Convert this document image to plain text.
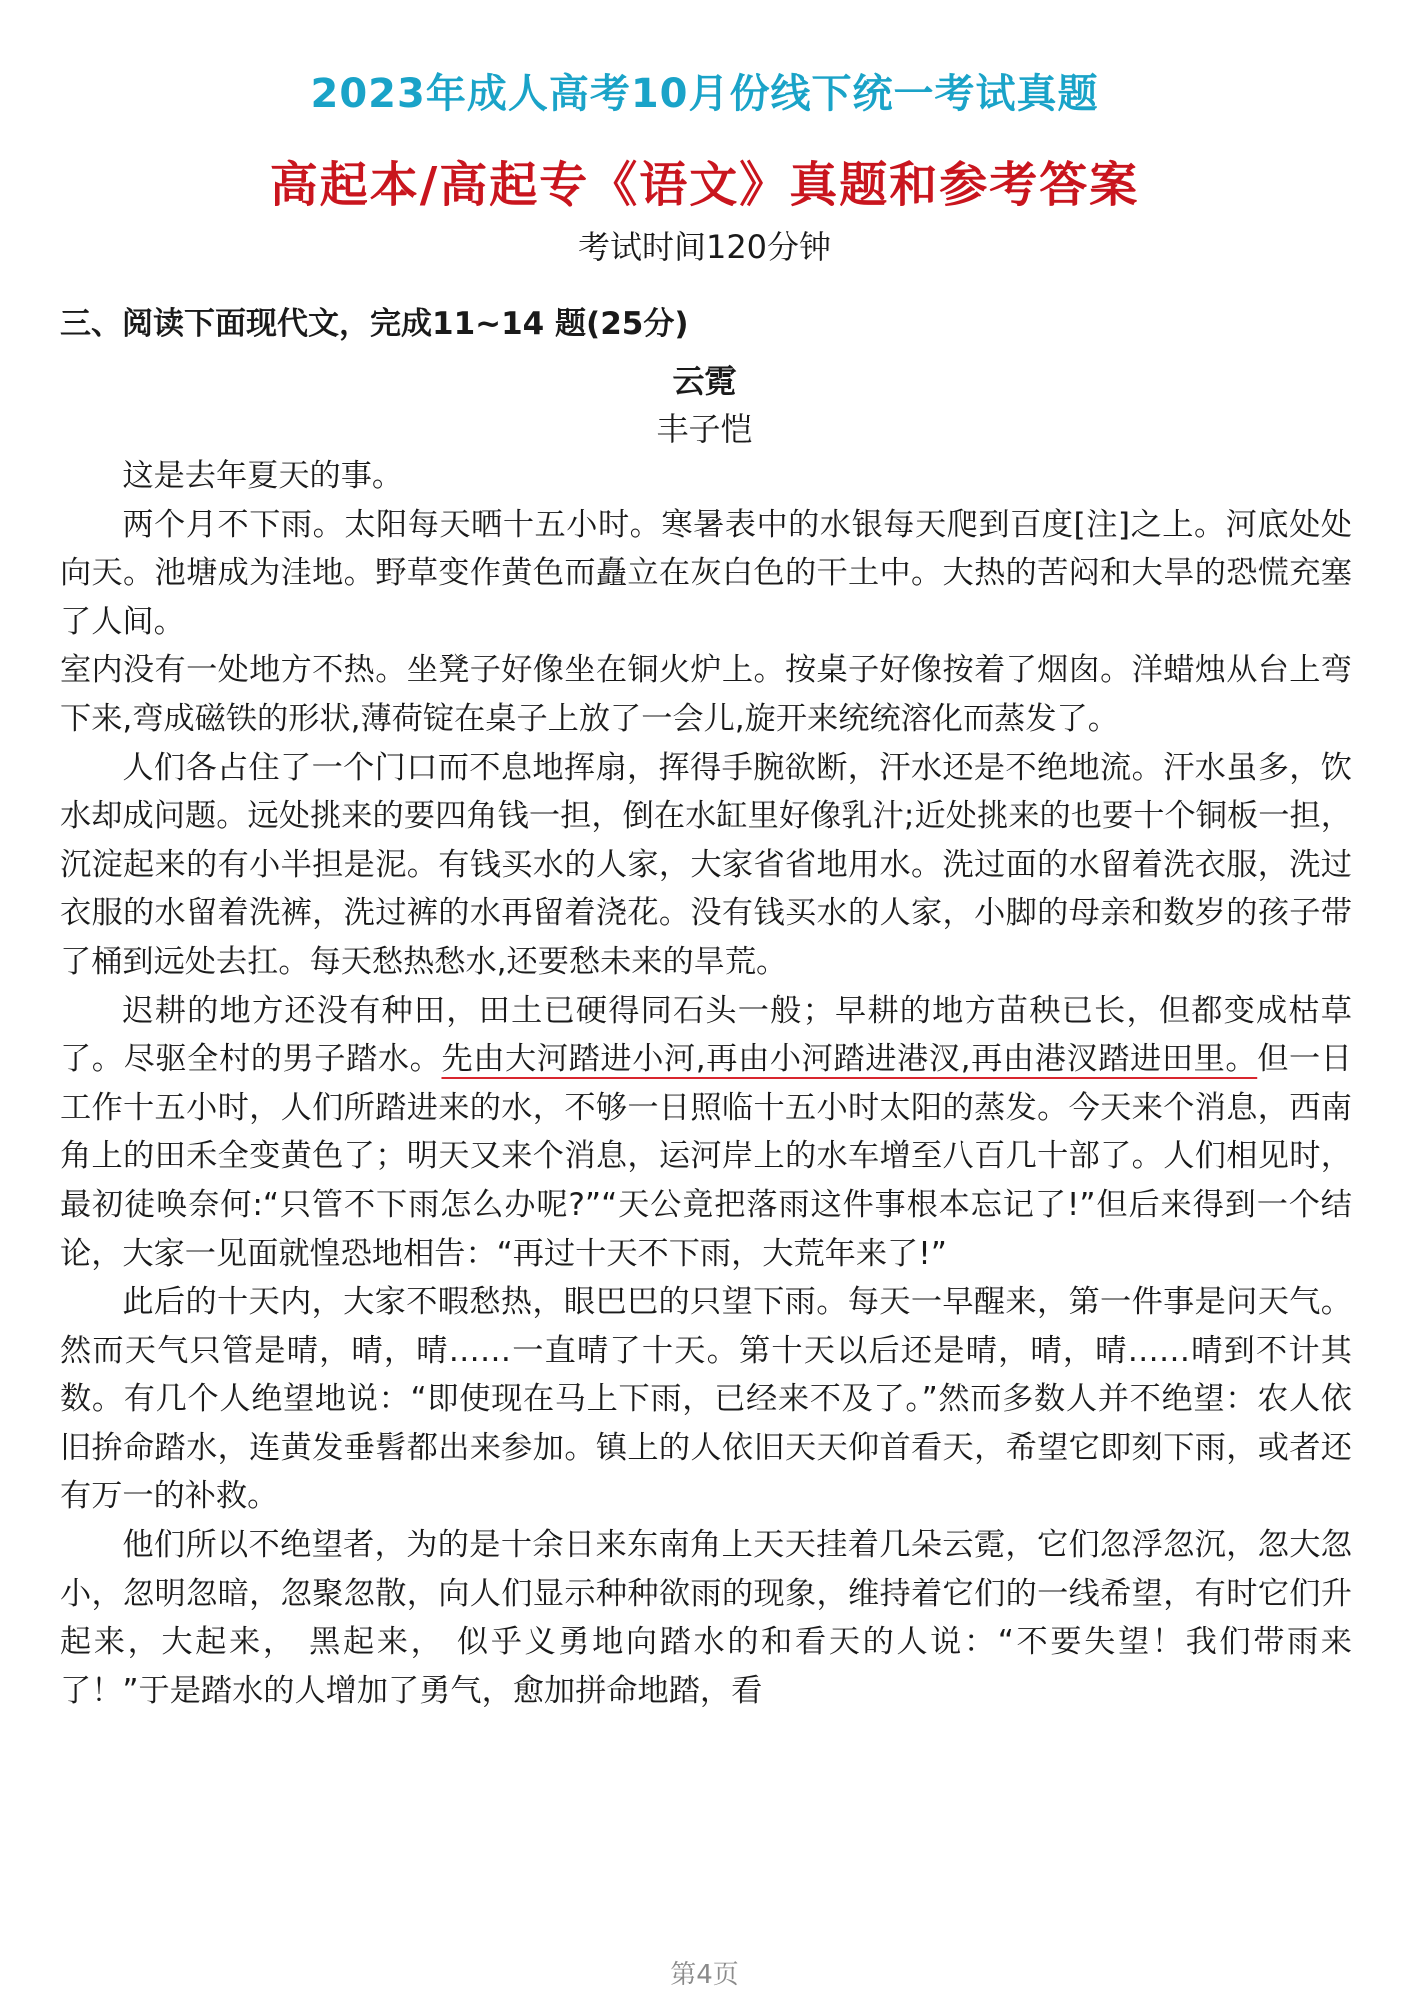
2023年成人高考10月份线下统一考试真题
高起本/高起专《语文》真题和参考答案
考试时间120分钟
三、阅读下面现代文，完成11~14 题(25分)
云霓
丰子恺

这是去年夏天的事。

两个月不下雨。太阳每天晒十五小时。寒暑表中的水银每天爬到百度[注]之上。河底处处向天。池塘成为洼地。野草变作黄色而矗立在灰白色的干土中。大热的苦闷和大旱的恐慌充塞了人间。

室内没有一处地方不热。坐凳子好像坐在铜火炉上。按桌子好像按着了烟囱。洋蜡烛从台上弯下来,弯成磁铁的形状,薄荷锭在桌子上放了一会儿,旋开来统统溶化而蒸发了。

人们各占住了一个门口而不息地挥扇，挥得手腕欲断，汗水还是不绝地流。汗水虽多，饮水却成问题。远处挑来的要四角钱一担，倒在水缸里好像乳汁;近处挑来的也要十个铜板一担，沉淀起来的有小半担是泥。有钱买水的人家，大家省省地用水。洗过面的水留着洗衣服，洗过衣服的水留着洗裤，洗过裤的水再留着浇花。没有钱买水的人家，小脚的母亲和数岁的孩子带了桶到远处去扛。每天愁热愁水,还要愁未来的旱荒。

迟耕的地方还没有种田，田土已硬得同石头一般；早耕的地方苗秧已长，但都变成枯草了。尽驱全村的男子踏水。先由大河踏进小河,再由小河踏进港汊,再由港汊踏进田里。但一日工作十五小时，人们所踏进来的水，不够一日照临十五小时太阳的蒸发。今天来个消息，西南角上的田禾全变黄色了；明天又来个消息，运河岸上的水车增至八百几十部了。人们相见时，最初徒唤奈何:“只管不下雨怎么办呢?”“天公竟把落雨这件事根本忘记了!”但后来得到一个结论，大家一见面就惶恐地相告：“再过十天不下雨，大荒年来了!”

此后的十天内，大家不暇愁热，眼巴巴的只望下雨。每天一早醒来，第一件事是问天气。然而天气只管是晴，晴，晴……一直晴了十天。第十天以后还是晴，晴，晴……晴到不计其数。有几个人绝望地说：“即使现在马上下雨，已经来不及了。”然而多数人并不绝望：农人依旧拚命踏水，连黄发垂髫都出来参加。镇上的人依旧天天仰首看天，希望它即刻下雨，或者还有万一的补救。

他们所以不绝望者，为的是十余日来东南角上天天挂着几朵云霓，它们忽浮忽沉，忽大忽小，忽明忽暗，忽聚忽散，向人们显示种种欲雨的现象，维持着它们的一线希望，有时它们升起来，大起来， 黑起来， 似乎义勇地向踏水的和看天的人说：“不要失望！我们带雨来了！”于是踏水的人增加了勇气，愈加拼命地踏，看

第4页
